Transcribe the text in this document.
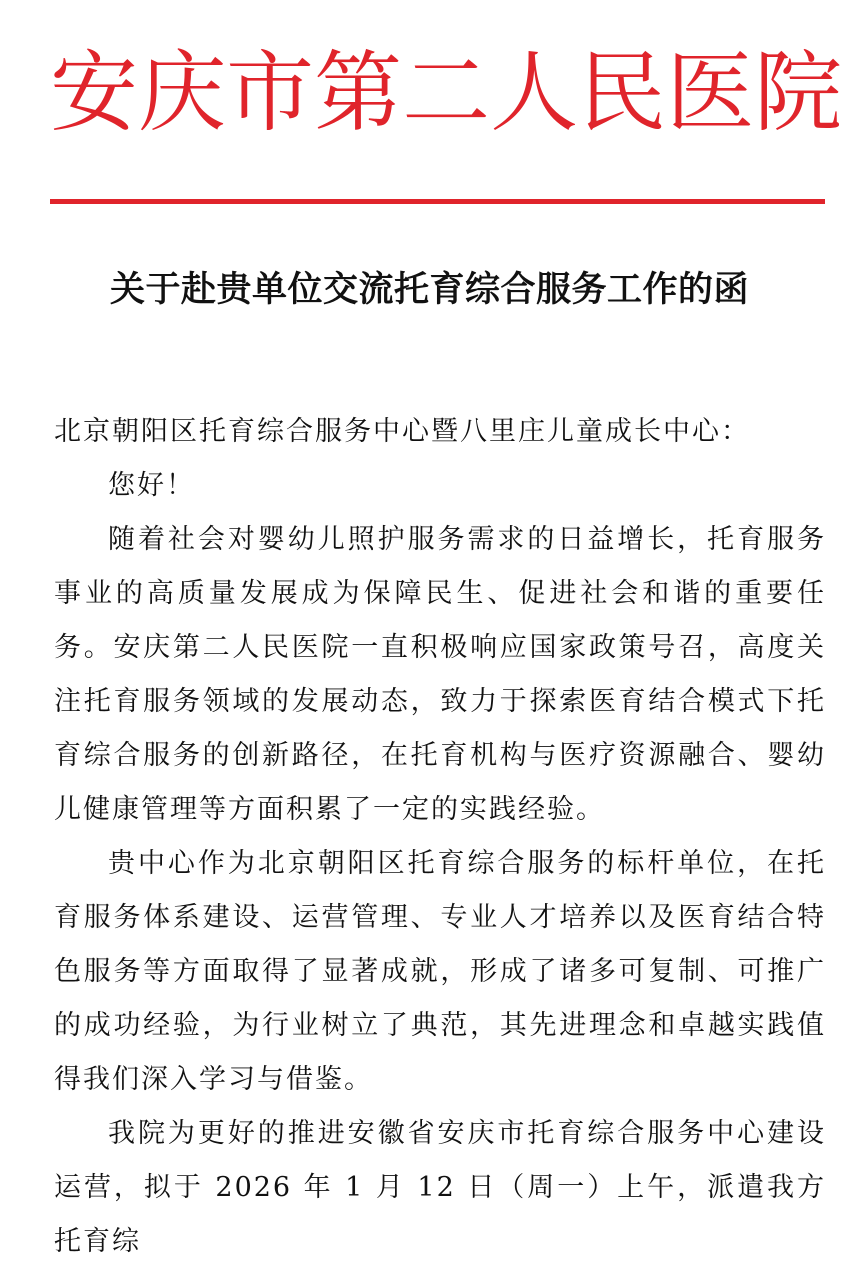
安 庆 市 第 二 人 民 医 院
关于赴贵单位交流托育综合服务工作的函

北京朝阳区托育综合服务中心暨八里庄儿童成长中心：

您好！

随着社会对婴幼儿照护服务需求的日益增长，托育服务事业的高质量发展成为保障民生、促进社会和谐的重要任务。安庆第二人民医院一直积极响应国家政策号召，高度关注托育服务领域的发展动态，致力于探索医育结合模式下托育综合服务的创新路径，在托育机构与医疗资源融合、婴幼儿健康管理等方面积累了一定的实践经验。

贵中心作为北京朝阳区托育综合服务的标杆单位，在托育服务体系建设、运营管理、专业人才培养以及医育结合特色服务等方面取得了显著成就，形成了诸多可复制、可推广的成功经验，为行业树立了典范，其先进理念和卓越实践值得我们深入学习与借鉴。

我院为更好的推进安徽省安庆市托育综合服务中心建设运营，拟于 2026 年 1 月 12 日（周一）上午，派遣我方托育综
